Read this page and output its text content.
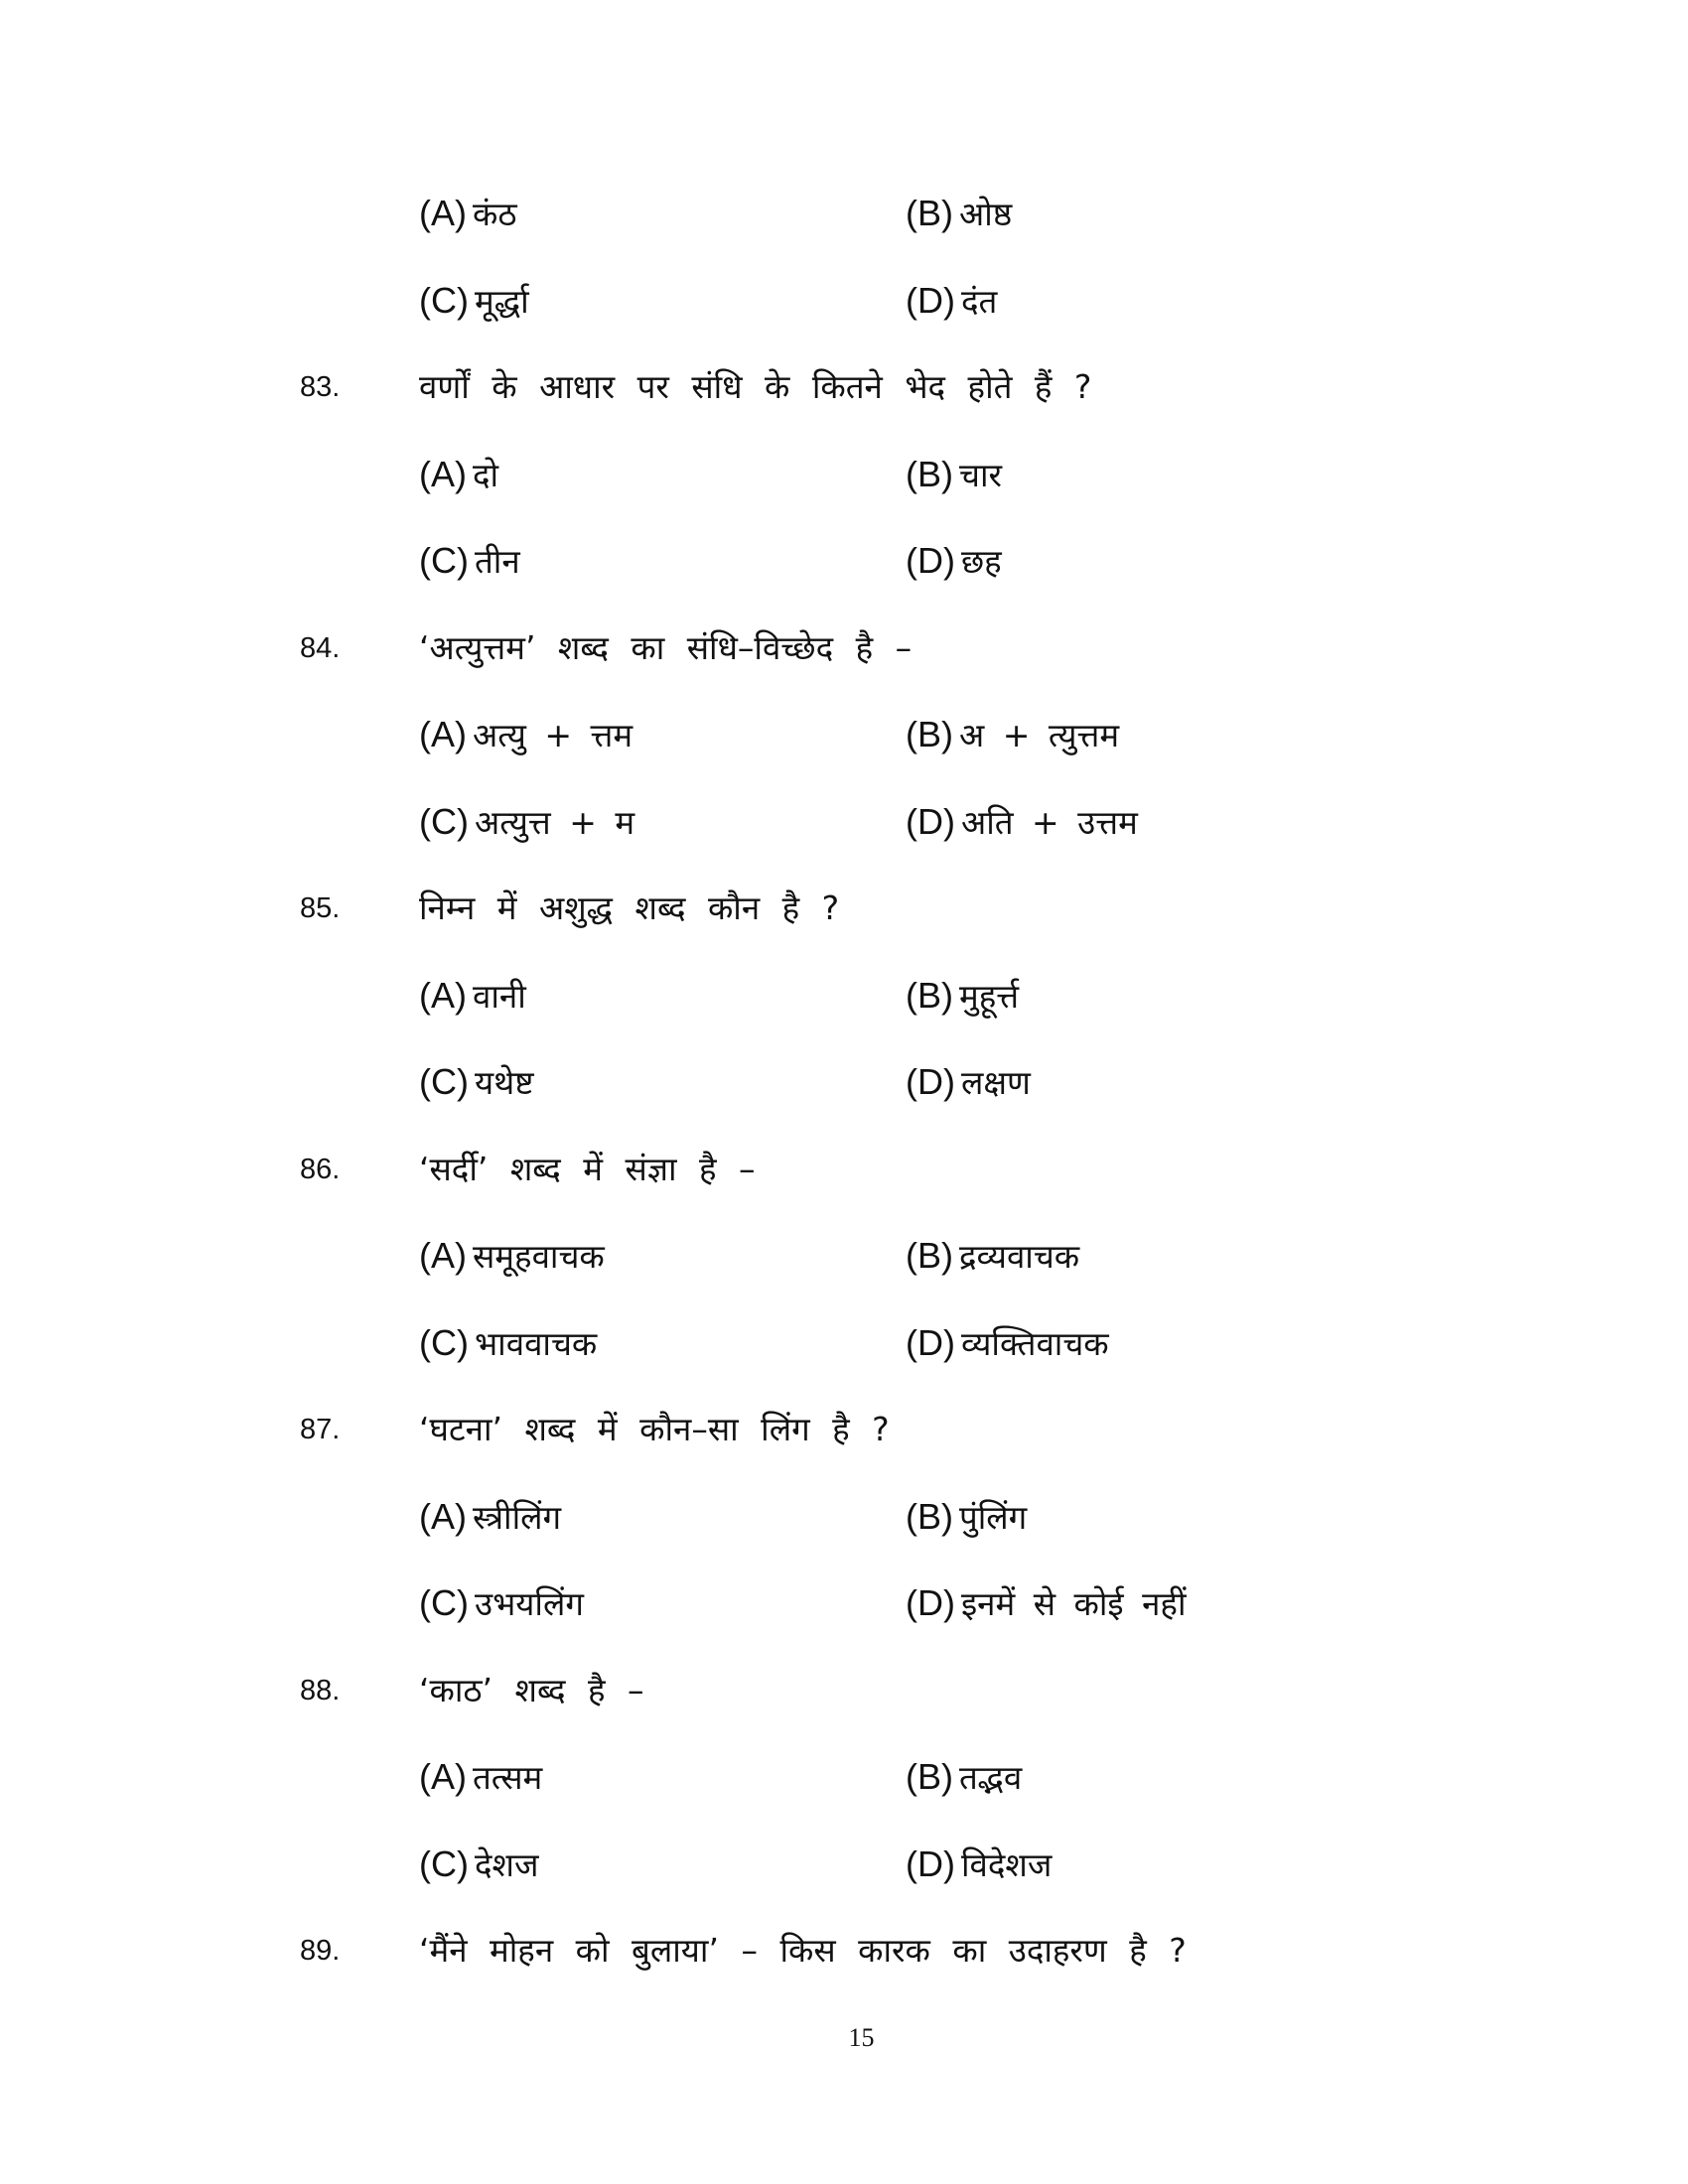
(A) कंठ	(B) ओष्ठ
(C) मूर्द्धा	(D) दंत
83. वर्णों के आधार पर संधि के कितने भेद होते हैं ?
(A) दो	(B) चार
(C) तीन	(D) छह
84. ‘अत्युत्तम’ शब्द का संधि–विच्छेद है –
(A) अत्यु + त्तम	(B) अ + त्युत्तम
(C) अत्युत्त + म	(D) अति + उत्तम
85. निम्न में अशुद्ध शब्द कौन है ?
(A) वानी	(B) मुहूर्त्त
(C) यथेष्ट	(D) लक्षण
86. ‘सर्दी’ शब्द में संज्ञा है –
(A) समूहवाचक	(B) द्रव्यवाचक
(C) भाववाचक	(D) व्यक्तिवाचक
87. ‘घटना’ शब्द में कौन–सा लिंग है ?
(A) स्त्रीलिंग	(B) पुंलिंग
(C) उभयलिंग	(D) इनमें से कोई नहीं
88. ‘काठ’ शब्द है –
(A) तत्सम	(B) तद्भव
(C) देशज	(D) विदेशज
89. ‘मैंने मोहन को बुलाया’ – किस कारक का उदाहरण है ?
15
